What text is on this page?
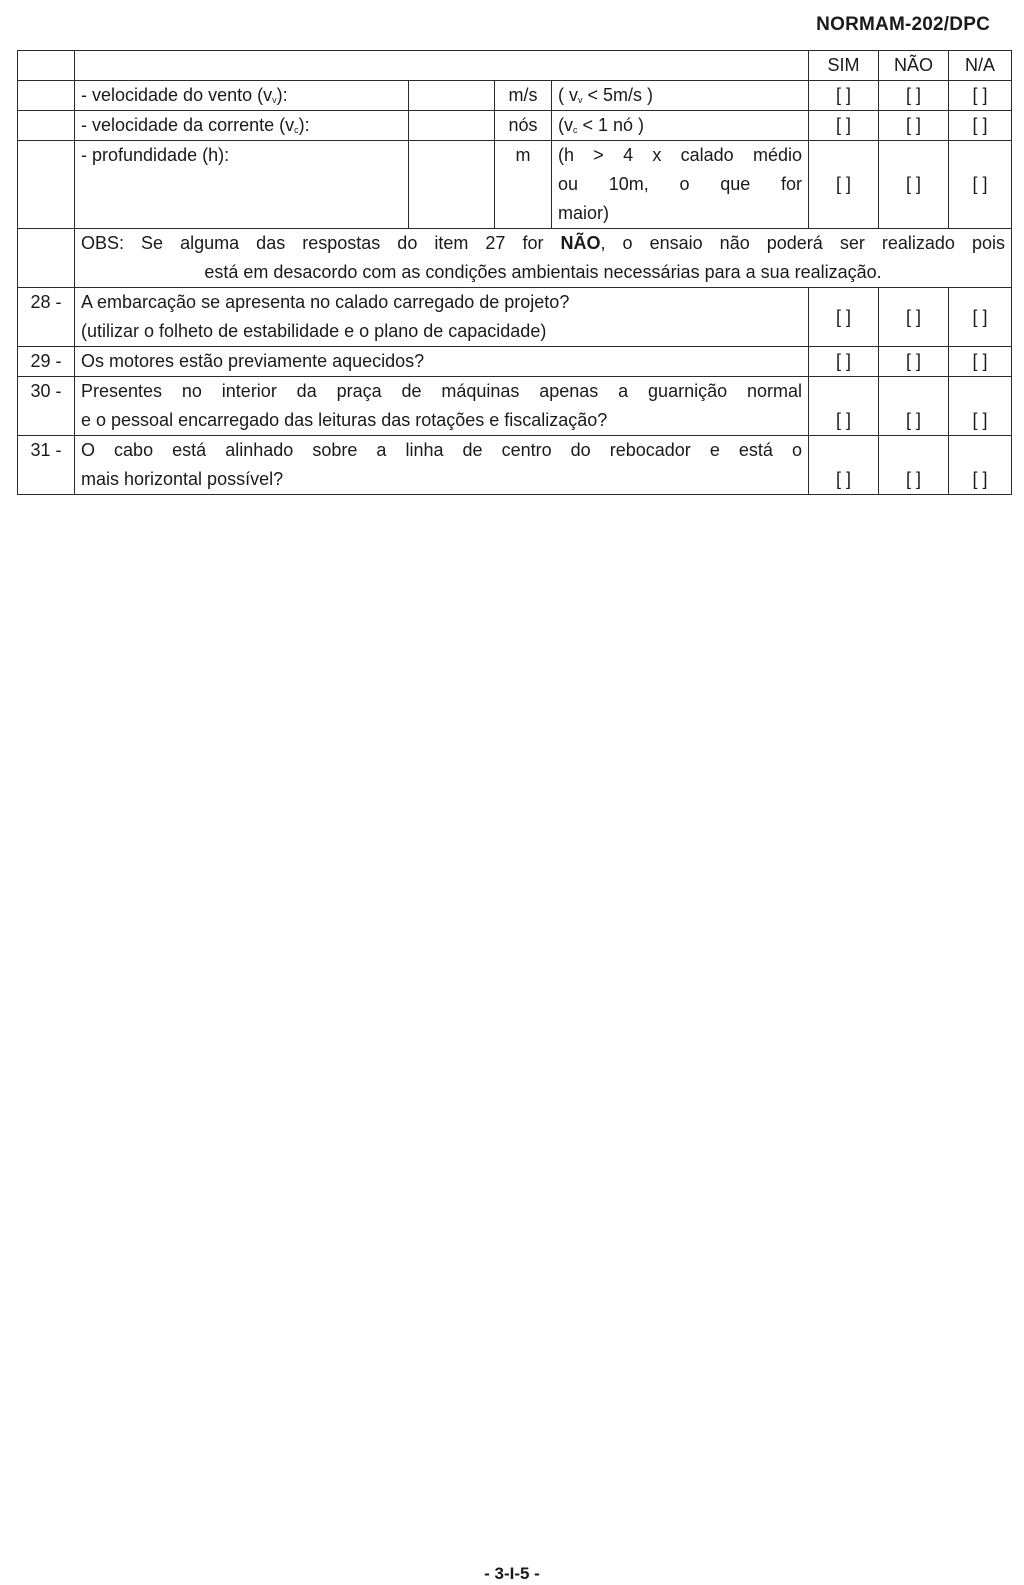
NORMAM-202/DPC
					SIM	NÃO	N/A
	- velocidade do vento $(v_v)$:		m/s	( $v_v < 5m/s$ )	[ ]	[ ]	[ ]
	- velocidade da corrente $(v_c)$:		nós	($v_c < 1$ nó )	[ ]	[ ]	[ ]
	- profundidade (h):		m	(h > 4 x calado médio
ou 10m, o que for
maior)	[ ]	[ ]	[ ]

	OBS: Se alguma das respostas do item 27 for NÃO, o ensaio não poderá ser realizado pois
está em desacordo com as condições ambientais necessárias para a sua realização.						

28 -	A embarcação se apresenta no calado carregado de projeto?
(utilizar o folheto de estabilidade e o plano de capacidade)				[ ]	[ ]	[ ]
29 -	Os motores estão previamente aquecidos?				[ ]	[ ]	[ ]
30 -	Presentes no interior da praça de máquinas apenas a guarnição normal
e o pessoal encarregado das leituras das rotações e fiscalização?				[ ]	[ ]	[ ]
31 -	O cabo está alinhado sobre a linha de centro do rebocador e está o
mais horizontal possível?				[ ]	[ ]	[ ]
- 3-I-5 -
